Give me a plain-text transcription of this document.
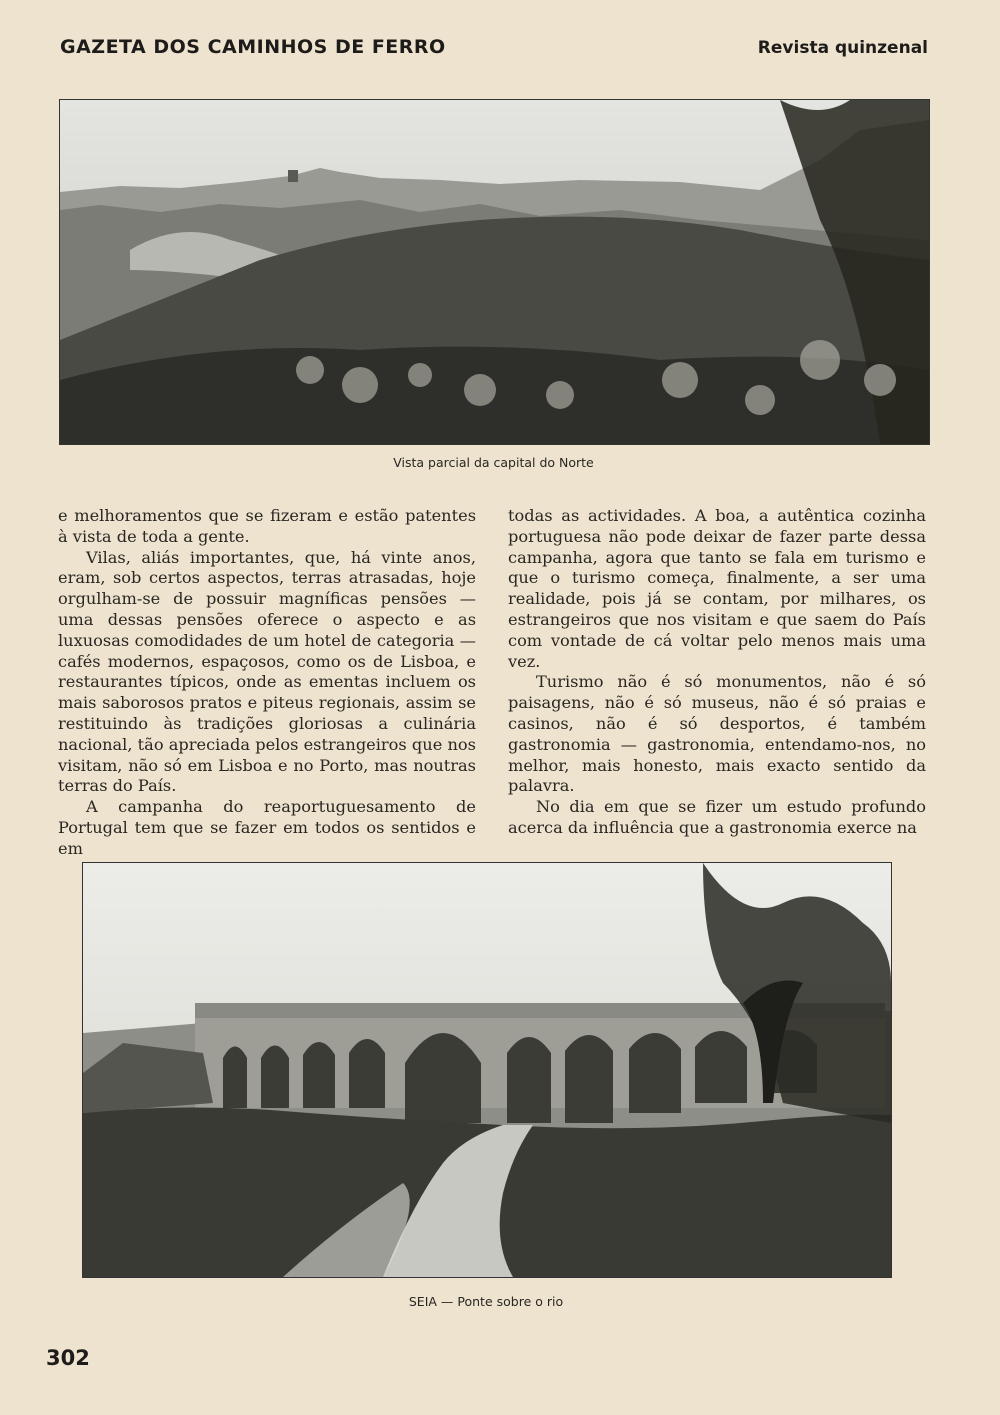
GAZETA DOS CAMINHOS DE FERRO	Revista quinzenal
Vista parcial da capital do Norte

e melhoramentos que se fizeram e estão patentes à vista de toda a gente.

Vilas, aliás importantes, que, há vinte anos, eram, sob certos aspectos, terras atrasadas, hoje orgulham-se de possuir magníficas pensões — uma dessas pensões oferece o aspecto e as luxuosas comodidades de um hotel de categoria — cafés modernos, espaçosos, como os de Lisboa, e restaurantes típicos, onde as ementas incluem os mais saborosos pratos e piteus regionais, assim se restituindo às tradições gloriosas a culinária nacional, tão apreciada pelos estrangeiros que nos visitam, não só em Lisboa e no Porto, mas noutras terras do País.

A campanha do reaportuguesamento de Portugal tem que se fazer em todos os sentidos e em

todas as actividades. A boa, a autêntica cozinha portuguesa não pode deixar de fazer parte dessa campanha, agora que tanto se fala em turismo e que o turismo começa, finalmente, a ser uma realidade, pois já se contam, por milhares, os estrangeiros que nos visitam e que saem do País com vontade de cá voltar pelo menos mais uma vez.

Turismo não é só monumentos, não é só paisagens, não é só museus, não é só praias e casinos, não é só desportos, é também gastronomia — gastronomia, entendamo-nos, no melhor, mais honesto, mais exacto sentido da palavra.

No dia em que se fizer um estudo profundo acerca da influência que a gastronomia exerce na

SEIA — Ponte sobre o rio
302
